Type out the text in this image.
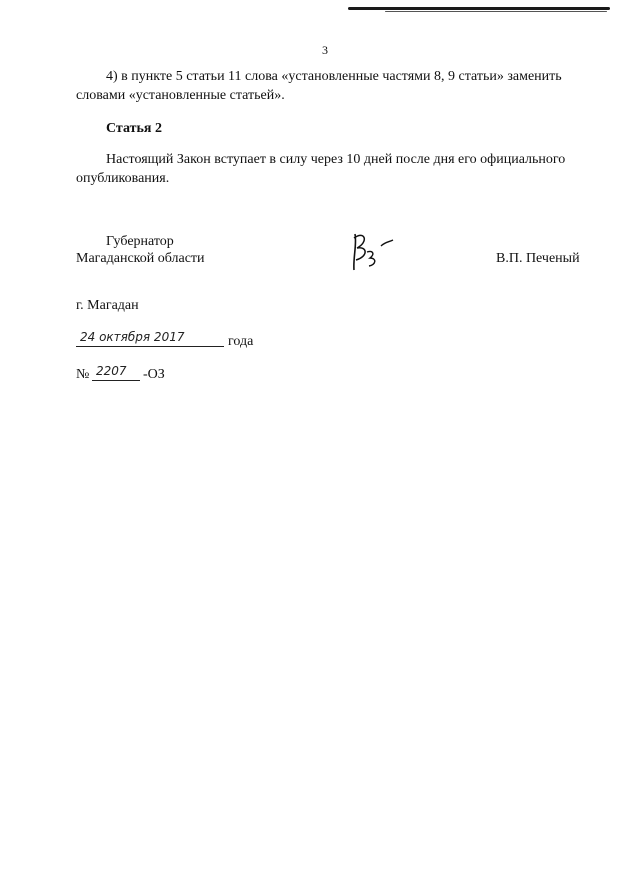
3
4) в пункте 5 статьи 11 слова «установленные частями 8, 9 статьи» заменить
словами «установленные статьей».
Статья 2
Настоящий Закон вступает в силу через 10 дней после дня его официального
опубликования.
Губернатор
Магаданской области	В.П. Печеный
г. Магадан
24 октября 2017	года
№ 2207 -ОЗ
